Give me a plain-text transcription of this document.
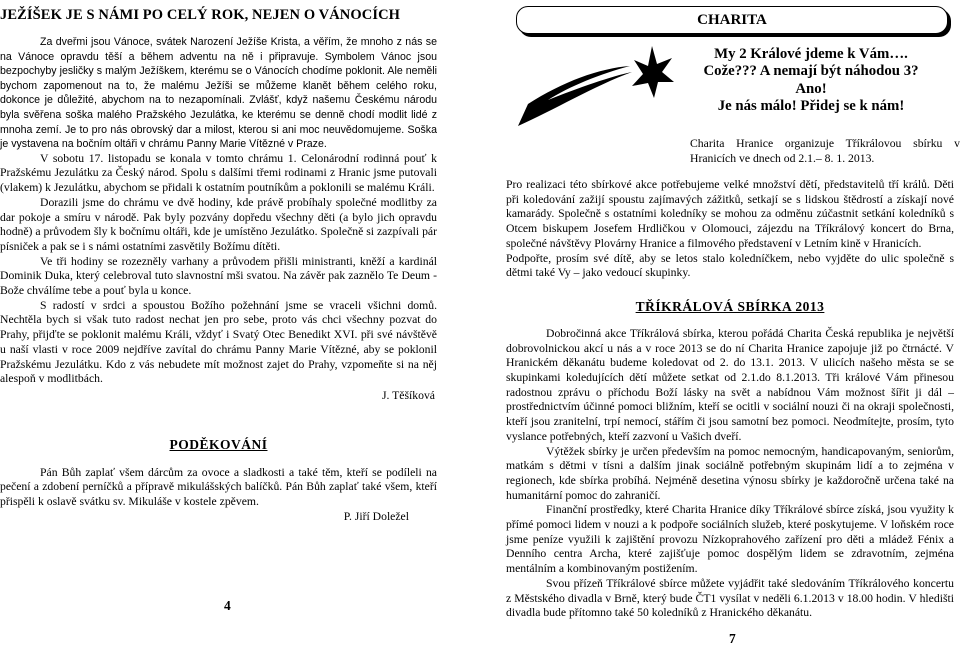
JEŽÍŠEK JE S NÁMI PO CELÝ ROK, NEJEN O VÁNOCÍCH

Za dveřmi jsou Vánoce, svátek Narození Ježíše Krista, a věřím, že mnoho z nás se na Vánoce opravdu těší a během adventu na ně i připravuje. Symbolem Vánoc jsou bezpochyby jesličky s malým Ježíškem, kterému se o Vánocích chodíme poklonit. Ale neměli bychom zapomenout na to, že malému Ježíši se můžeme klanět během celého roku, dokonce je důležité, abychom na to nezapomínali. Zvlášť, když našemu Českému národu byla svěřena soška malého Pražského Jezulátka, ke kterému se denně chodí modlit lidé z mnoha zemí. Je to pro nás obrovský dar a milost, kterou si ani moc neuvědomujeme. Soška je vystavena na bočním oltáři v chrámu Panny Marie Vítězné v Praze.

V sobotu 17. listopadu se konala v tomto chrámu 1. Celonárodní rodinná pouť k Pražskému Jezulátku za Český národ. Spolu s dalšími třemi rodinami z Hranic jsme putovali (vlakem) k Jezulátku, abychom se přidali k ostatním poutníkům a poklonili se malému Králi.

Dorazili jsme do chrámu ve dvě hodiny, kde právě probíhaly společné modlitby za dar pokoje a smíru v národě. Pak byly pozvány dopředu všechny děti (a bylo jich opravdu hodně) a průvodem šly k bočnímu oltáři, kde je umístěno Jezulátko. Společně si zazpívali pár písniček a pak se i s námi ostatními zasvětily Božímu dítěti.

Ve tři hodiny se rozezněly varhany a průvodem přišli ministranti, kněží a kardinál Dominik Duka, který celebroval tuto slavnostní mši svatou. Na závěr pak zaznělo Te Deum - Bože chválíme tebe a pouť byla u konce.

S radostí v srdci a spoustou Božího požehnání jsme se vraceli všichni domů. Nechtěla bych si však tuto radost nechat jen pro sebe, proto vás chci všechny pozvat do Prahy, přijďte se poklonit malému Králi, vždyť i Svatý Otec Benedikt XVI. při své návštěvě u naší vlasti v roce 2009 nejdříve zavítal do chrámu Panny Marie Vítězné, aby se poklonil Pražskému Jezulátku. Kdo z vás nebudete mít možnost zajet do Prahy, vzpomeňte si na něj alespoň v modlitbách.

J. Těšíková

PODĚKOVÁNÍ

Pán Bůh zaplať všem dárcům za ovoce a sladkosti a také těm, kteří se podíleli na pečení a zdobení perníčků a přípravě mikulášských balíčků. Pán Bůh zaplať také všem, kteří přispěli k oslavě svátku sv. Mikuláše v kostele zpěvem.

P. Jiří Doležel

4
CHARITA
My 2 Králové jdeme k Vám….
Cože??? A nemají být náhodou 3?
Ano!
Je nás málo! Přidej se k nám!
Charita Hranice organizuje Tříkrálovou sbírku v Hranicích ve dnech od 2.1.– 8. 1. 2013.

Pro realizaci této sbírkové akce potřebujeme velké množství dětí, představitelů tří králů. Děti při koledování zažijí spoustu zajímavých zážitků, setkají se s lidskou štědrostí a získají nové kamarády. Společně s ostatními koledníky se mohou za odměnu zúčastnit setkání koledníků s Otcem biskupem Josefem Hrdličkou v Olomouci, zájezdu na Tříkrálový koncert do Brna, společné návštěvy Plovárny Hranice a filmového představení v Letním kině v Hranicích.

Podpořte, prosím své dítě, aby se letos stalo koledníčkem, nebo vyjděte do ulic společně s dětmi také Vy – jako vedoucí skupinky.

TŘÍKRÁLOVÁ SBÍRKA 2013

Dobročinná akce Tříkrálová sbírka, kterou pořádá Charita Česká republika je největší dobrovolnickou akcí u nás a v roce 2013 se do ní Charita Hranice zapojuje již po čtrnácté. V Hranickém děkanátu budeme koledovat od 2. do 13.1. 2013. V ulicích našeho města se se skupinkami koledujících dětí můžete setkat od 2.1.do 8.1.2013. Tři králové Vám přinesou radostnou zprávu o příchodu Boží lásky na svět a nabídnou Vám možnost šířit ji dál – prostřednictvím účinné pomoci bližním, kteří se ocitli v sociální nouzi či na okraji společnosti, kteří jsou zranitelní, trpí nemocí, stářím či jsou samotní bez pomoci. Neodmítejte, prosím, tyto vyslance potřebných, kteří zazvoní u Vašich dveří.

Výtěžek sbírky je určen především na pomoc nemocným, handicapovaným, seniorům, matkám s dětmi v tísni a dalším jinak sociálně potřebným skupinám lidí a to zejména v regionech, kde sbírka probíhá. Nejméně desetina výnosu sbírky je každoročně určena také na humanitární pomoc do zahraničí.

Finanční prostředky, které Charita Hranice díky Tříkrálové sbírce získá, jsou využity k přímé pomoci lidem v nouzi a k podpoře sociálních služeb, které poskytujeme. V loňském roce jsme peníze využili k zajištění provozu Nízkoprahového zařízení pro děti a mládež Fénix a Denního centra Archa, které zajišťuje pomoc dospělým lidem se zdravotním, zejména mentálním a kombinovaným postižením.

Svou přízeň Tříkrálové sbírce můžete vyjádřit také sledováním Tříkrálového koncertu z Městského divadla v Brně, který bude ČT1 vysílat v neděli 6.1.2013 v 18.00 hodin. V hledišti divadla bude přítomno také 50 koledníků z Hranického děkanátu.

7
